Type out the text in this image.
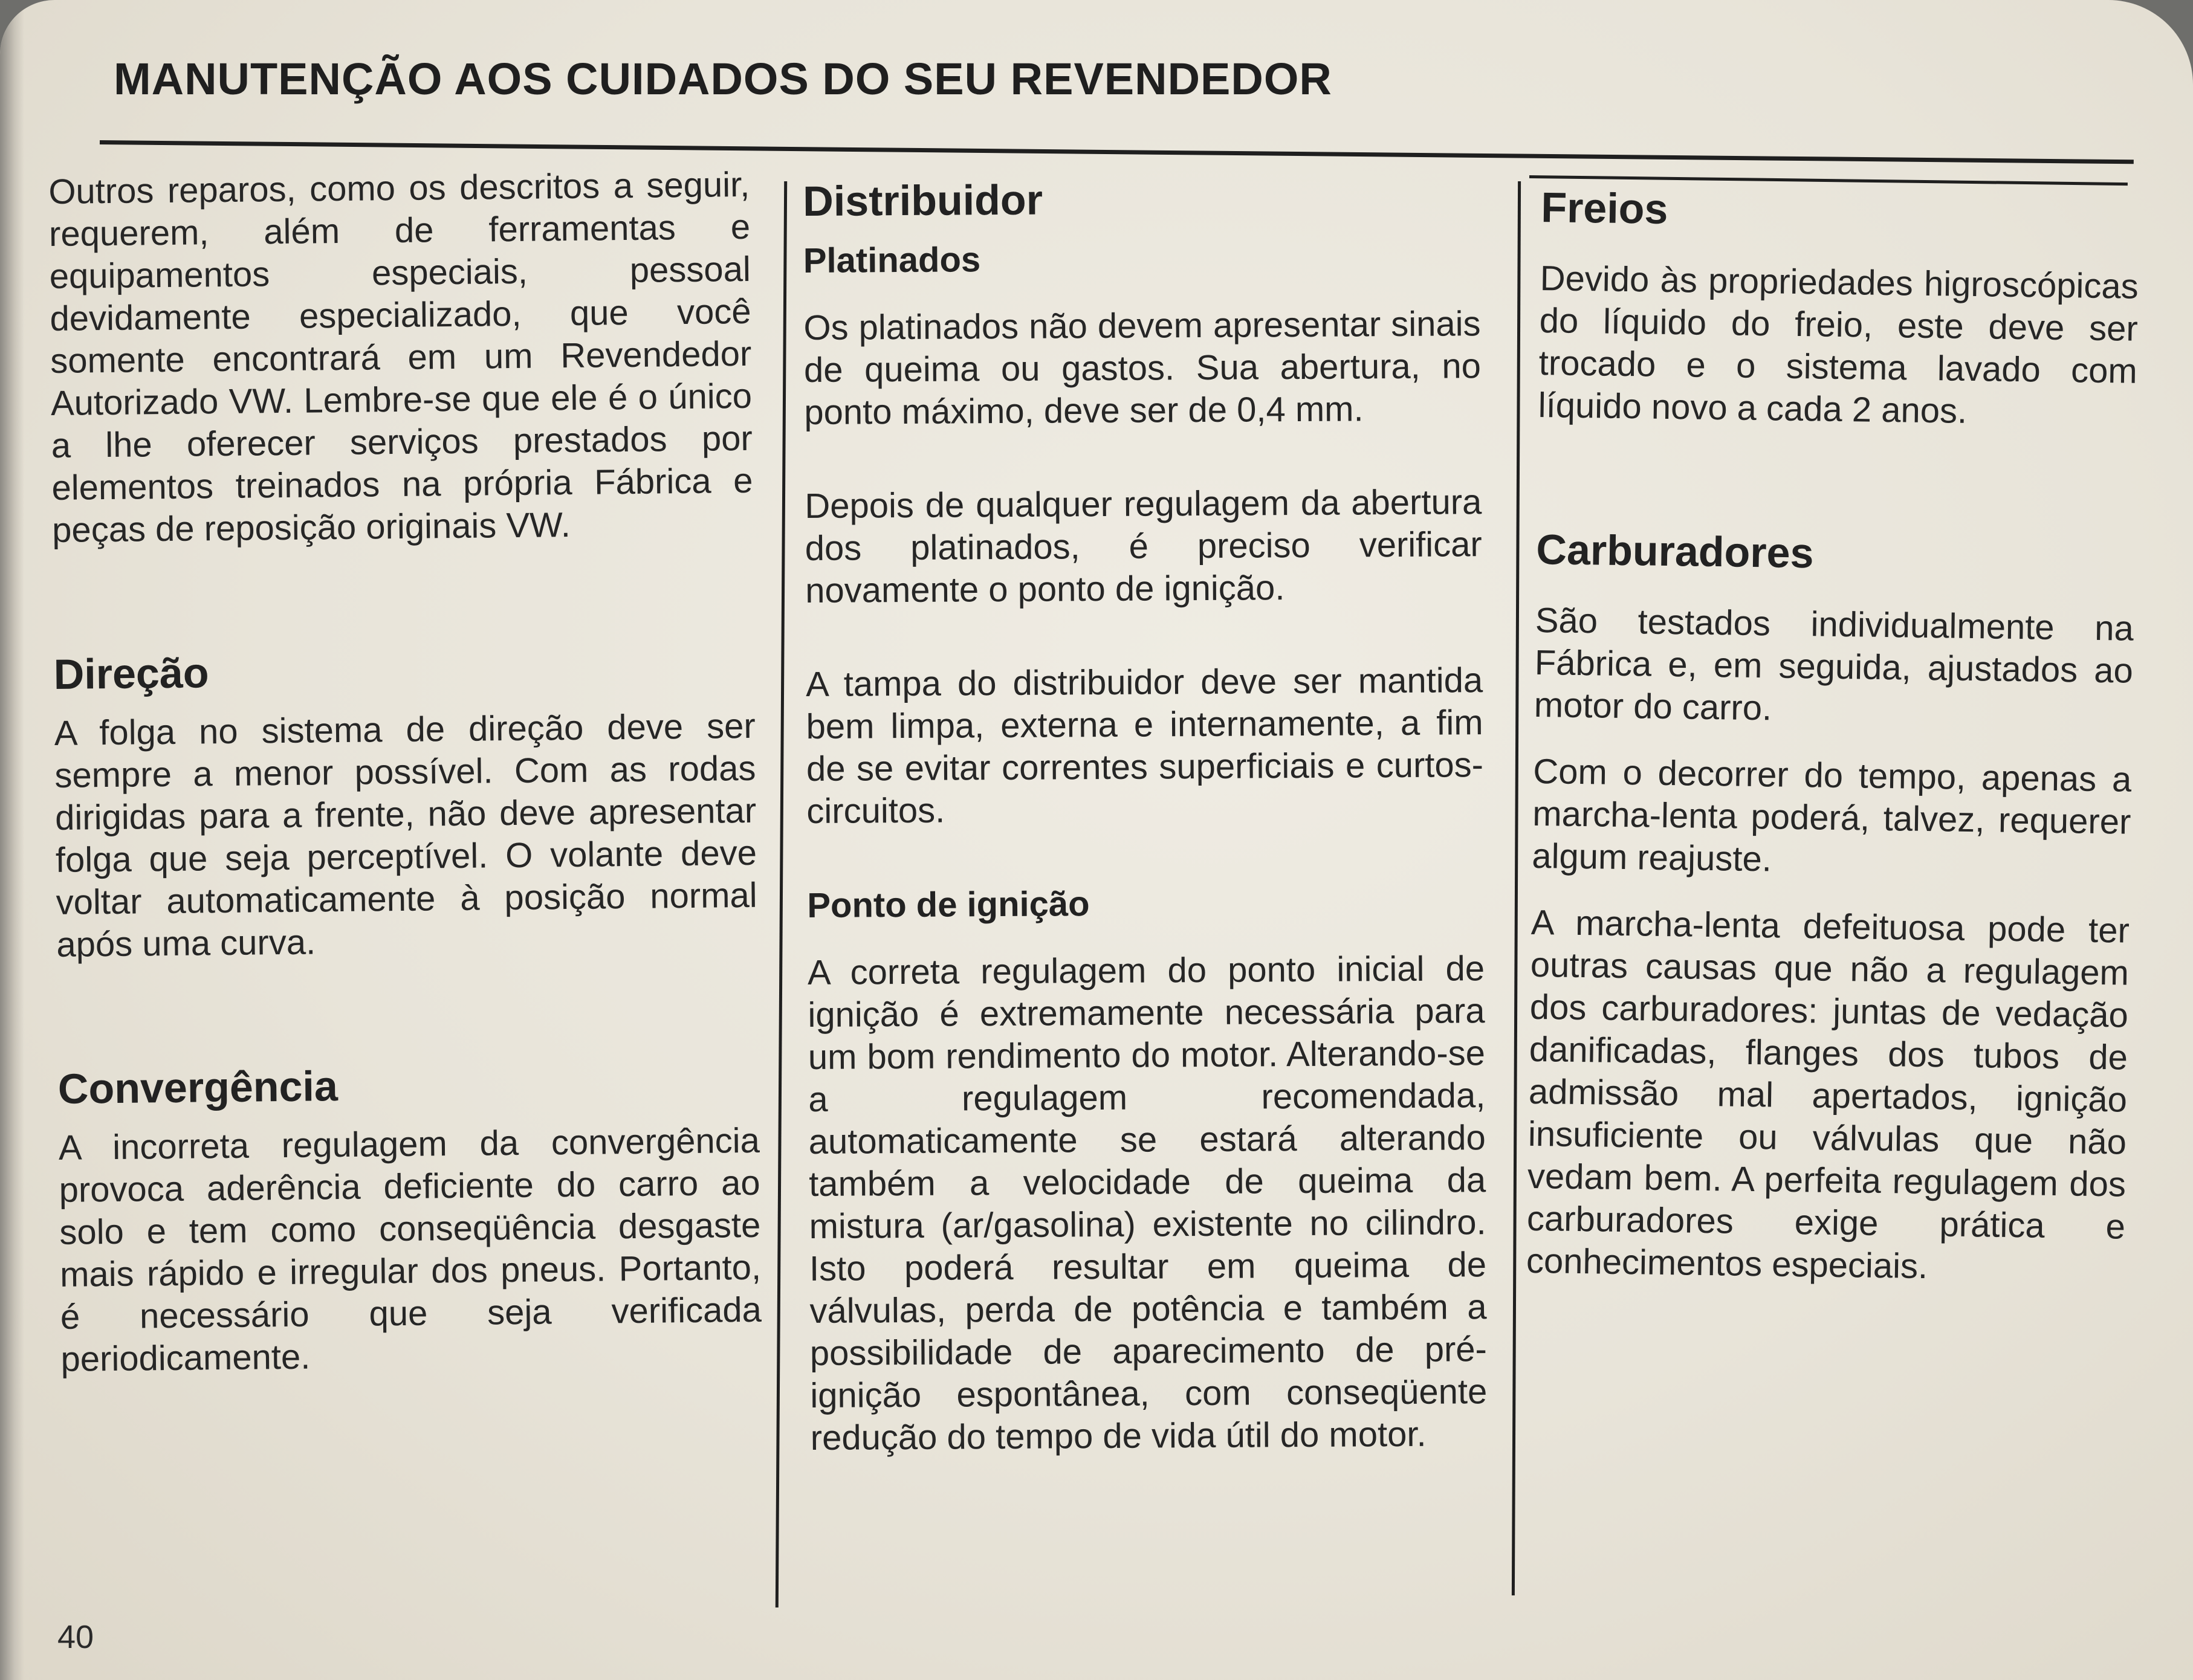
MANUTENÇÃO AOS CUIDADOS DO SEU REVENDEDOR

Outros reparos, como os descritos a seguir, requerem, além de ferramentas e equipamentos especiais, pessoal devidamente especializado, que você somente encontrará em um Revendedor Autorizado VW. Lembre-se que ele é o único a lhe oferecer serviços prestados por elementos treinados na própria Fábrica e peças de reposição originais VW.

Direção

A folga no sistema de direção deve ser sempre a menor possível. Com as rodas dirigidas para a frente, não deve apresentar folga que seja perceptível. O volante deve voltar automaticamente à posição normal após uma curva.

Convergência

A incorreta regulagem da convergência provoca aderência deficiente do carro ao solo e tem como conseqüência desgaste mais rápido e irregular dos pneus. Portanto, é necessário que seja verificada periodicamente.

Distribuidor
Platinados

Os platinados não devem apresentar sinais de queima ou gastos. Sua abertura, no ponto máximo, deve ser de 0,4 mm.

Depois de qualquer regulagem da abertura dos platinados, é preciso verificar novamente o ponto de ignição.

A tampa do distribuidor deve ser mantida bem limpa, externa e internamente, a fim de se evitar correntes superficiais e curtos-circuitos.

Ponto de ignição

A correta regulagem do ponto inicial de ignição é extremamente necessária para um bom rendimento do motor. Alterando-se a regulagem recomendada, automaticamente se estará alterando também a velocidade de queima da mistura (ar/gasolina) existente no cilindro. Isto poderá resultar em queima de válvulas, perda de potência e também a possibilidade de aparecimento de pré-ignição espontânea, com conseqüente redução do tempo de vida útil do motor.

Freios

Devido às propriedades higroscópicas do líquido do freio, este deve ser trocado e o sistema lavado com líquido novo a cada 2 anos.

Carburadores

São testados individualmente na Fábrica e, em seguida, ajustados ao motor do carro.

Com o decorrer do tempo, apenas a marcha-lenta poderá, talvez, requerer algum reajuste.

A marcha-lenta defeituosa pode ter outras causas que não a regulagem dos carburadores: juntas de vedação danificadas, flanges dos tubos de admissão mal apertados, ignição insuficiente ou válvulas que não vedam bem. A perfeita regulagem dos carburadores exige prática e conhecimentos especiais.

40
